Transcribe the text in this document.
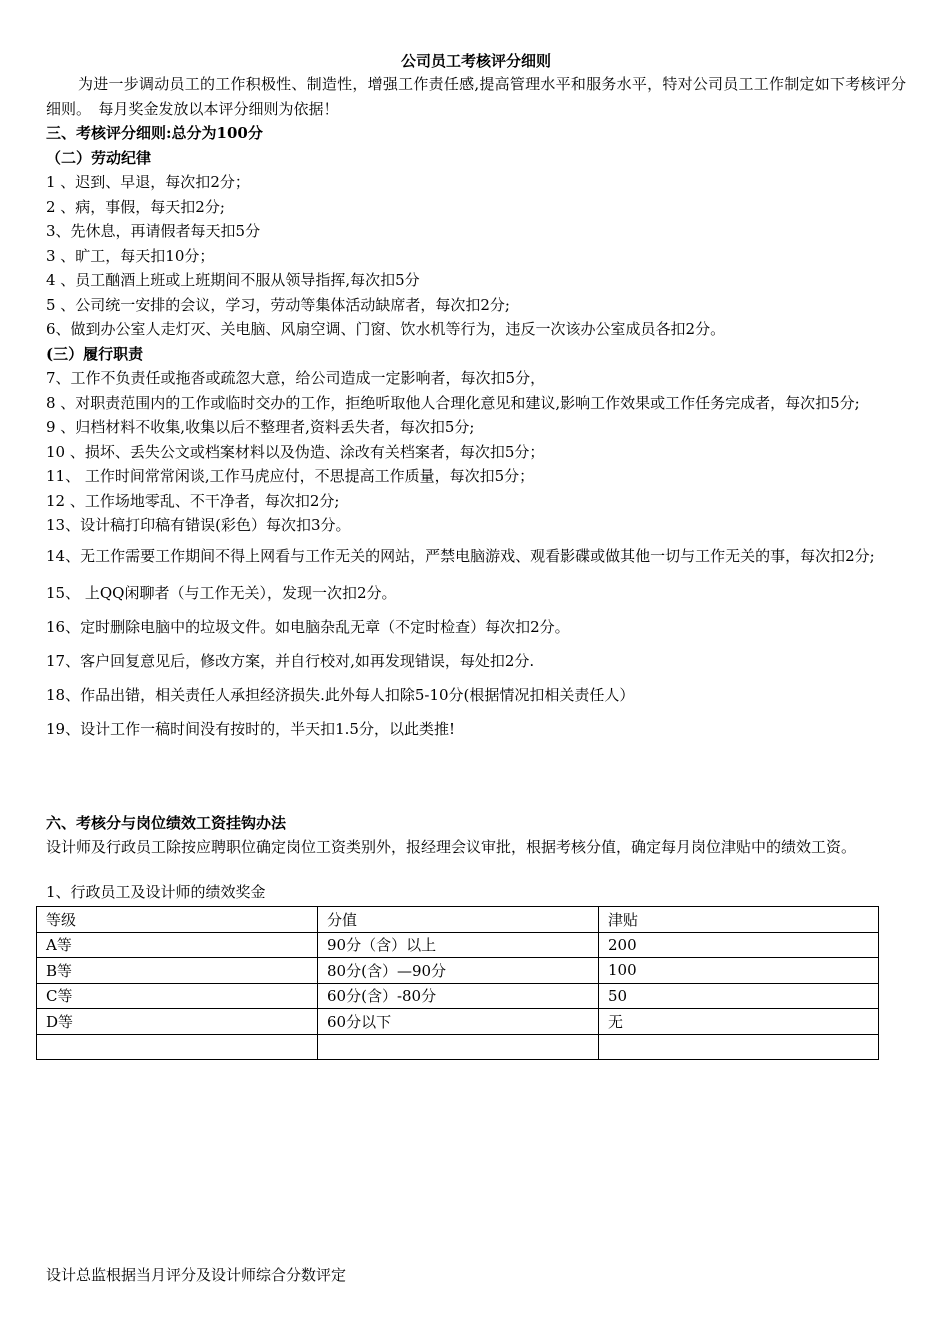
公司员工考核评分细则
为进一步调动员工的工作积极性、制造性，增强工作责任感,提高管理水平和服务水平，特对公司员工工作制定如下考核评分细则。　每月奖金发放以本评分细则为依据！
三、考核评分细则:总分为100分
（二）劳动纪律
1 、迟到、早退，每次扣2分；
2 、病，事假，每天扣2分;
3、先休息，再请假者每天扣5分
3 、旷工，每天扣10分；
4 、员工酗酒上班或上班期间不服从领导指挥,每次扣5分
5 、公司统一安排的会议，学习，劳动等集体活动缺席者，每次扣2分;
6、做到办公室人走灯灭、关电脑、风扇空调、门窗、饮水机等行为，违反一次该办公室成员各扣2分。
(三）履行职责
7、工作不负责任或拖沓或疏忽大意，给公司造成一定影响者，每次扣5分，
8 、对职责范围内的工作或临时交办的工作，拒绝听取他人合理化意见和建议,影响工作效果或工作任务完成者，每次扣5分;
9 、归档材料不收集,收集以后不整理者,资料丢失者，每次扣5分;
10 、损坏、丢失公文或档案材料以及伪造、涂改有关档案者，每次扣5分；
11、 工作时间常常闲谈,工作马虎应付，不思提高工作质量，每次扣5分；
12 、工作场地零乱、不干净者，每次扣2分;
13、设计稿打印稿有错误(彩色）每次扣3分。
14、无工作需要工作期间不得上网看与工作无关的网站，严禁电脑游戏、观看影碟或做其他一切与工作无关的事，每次扣2分;
15、 上QQ闲聊者（与工作无关），发现一次扣2分。
16、定时删除电脑中的垃圾文件。如电脑杂乱无章（不定时检查）每次扣2分。
17、客户回复意见后，修改方案，并自行校对,如再发现错误，每处扣2分.
18、作品出错，相关责任人承担经济损失.此外每人扣除5-10分(根据情况扣相关责任人）
19、设计工作一稿时间没有按时的，半天扣1.5分，以此类推!
六、考核分与岗位绩效工资挂钩办法
设计师及行政员工除按应聘职位确定岗位工资类别外，报经理会议审批，根据考核分值，确定每月岗位津贴中的绩效工资。
1、行政员工及设计师的绩效奖金
等级	分值	津贴
A等	90分（含）以上	200
B等	80分(含）—90分	100
C等	60分(含）-80分	50
D等	60分以下	无

设计总监根据当月评分及设计师综合分数评定
